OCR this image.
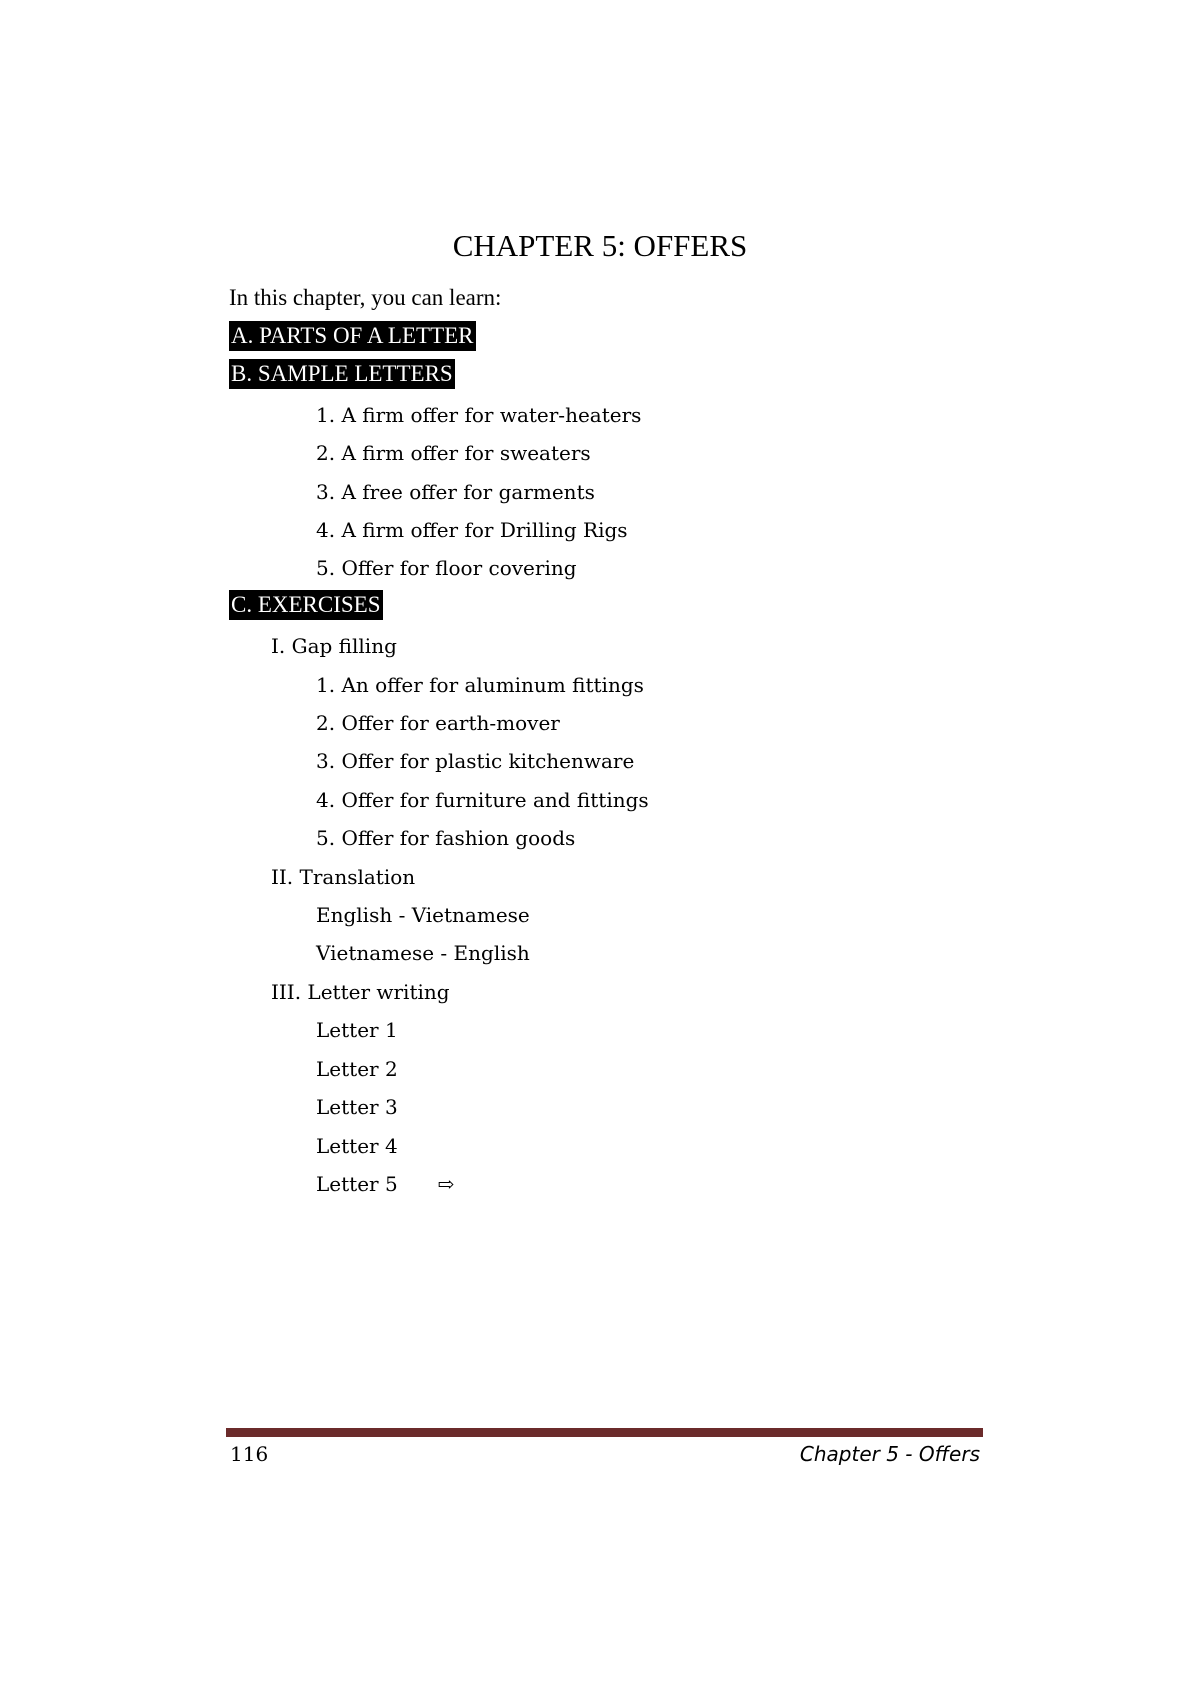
CHAPTER 5: OFFERS
In this chapter, you can learn:
A. PARTS OF A LETTER
B. SAMPLE LETTERS
1. A firm offer for water-heaters
2. A firm offer for sweaters
3. A free offer for garments
4. A firm offer for Drilling Rigs
5. Offer for floor covering
C. EXERCISES
I. Gap filling
1. An offer for aluminum fittings
2. Offer for earth-mover
3. Offer for plastic kitchenware
4. Offer for furniture and fittings
5. Offer for fashion goods
II. Translation
English - Vietnamese
Vietnamese - English
III. Letter writing
Letter 1
Letter 2
Letter 3
Letter 4
Letter 5 ⇨
116	Chapter 5 - Offers
